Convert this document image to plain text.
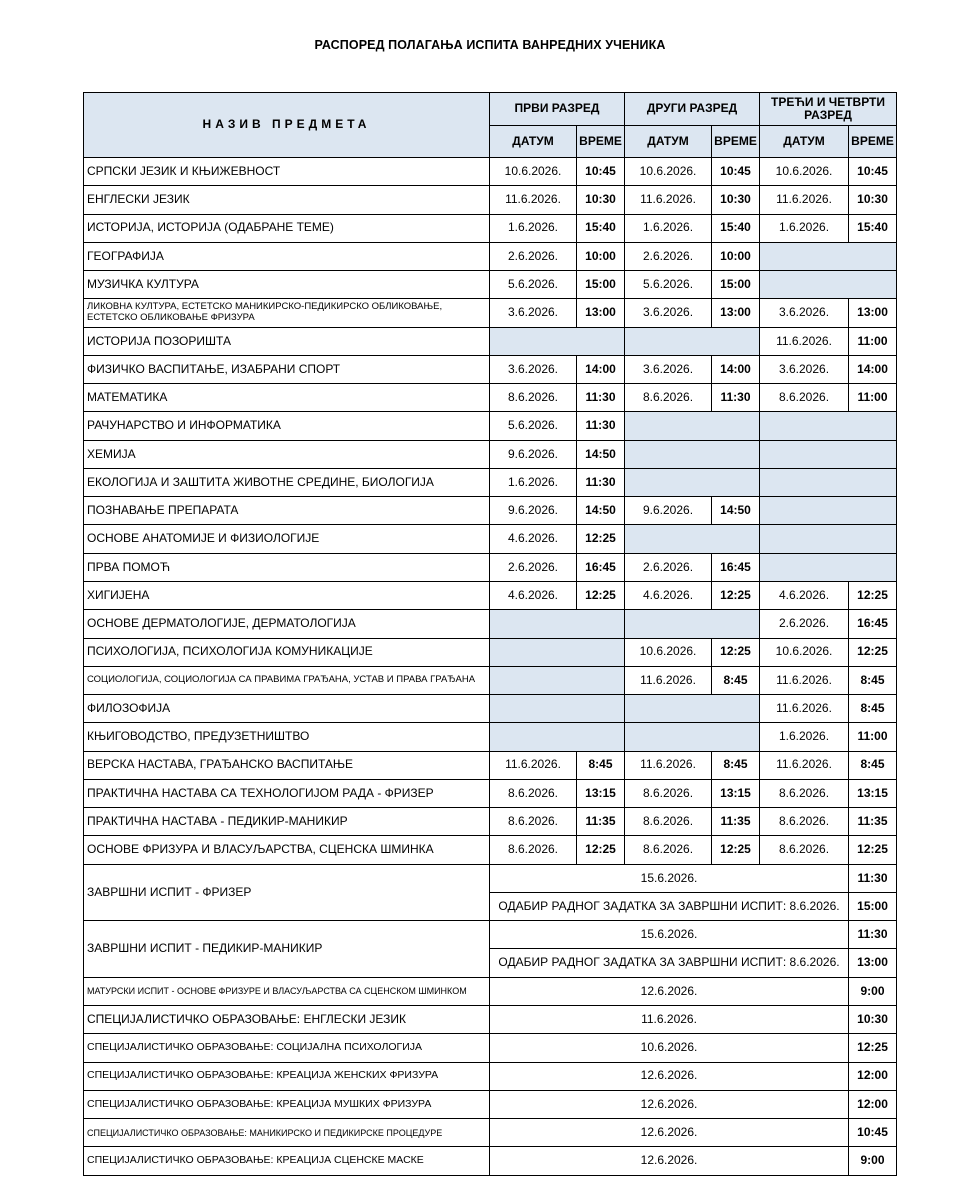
РАСПОРЕД ПОЛАГАЊА ИСПИТА ВАНРЕДНИХ УЧЕНИКА
НАЗИВ ПРЕДМЕТА	ПРВИ РАЗРЕД		ДРУГИ РАЗРЕД		ТРЕЋИ И ЧЕТВРТИ РАЗРЕД	
	ДАТУМ	ВРЕМЕ	ДАТУМ	ВРЕМЕ	ДАТУМ	ВРЕМЕ
СРПСКИ ЈЕЗИК И КЊИЖЕВНОСТ	10.6.2026.	10:45	10.6.2026.	10:45	10.6.2026.	10:45
ЕНГЛЕСКИ ЈЕЗИК	11.6.2026.	10:30	11.6.2026.	10:30	11.6.2026.	10:30
ИСТОРИЈА, ИСТОРИЈА (ОДАБРАНЕ ТЕМЕ)	1.6.2026.	15:40	1.6.2026.	15:40	1.6.2026.	15:40
ГЕОГРАФИЈА	2.6.2026.	10:00	2.6.2026.	10:00		
МУЗИЧКА КУЛТУРА	5.6.2026.	15:00	5.6.2026.	15:00		
ЛИКОВНА КУЛТУРА, ЕСТЕТСКО МАНИКИРСКО-ПЕДИКИРСКО ОБЛИКОВАЊЕ, ЕСТЕТСКО ОБЛИКОВАЊЕ ФРИЗУРА	3.6.2026.	13:00	3.6.2026.	13:00	3.6.2026.	13:00
ИСТОРИЈА ПОЗОРИШТА					11.6.2026.	11:00
ФИЗИЧКО ВАСПИТАЊЕ, ИЗАБРАНИ СПОРТ	3.6.2026.	14:00	3.6.2026.	14:00	3.6.2026.	14:00
МАТЕМАТИКА	8.6.2026.	11:30	8.6.2026.	11:30	8.6.2026.	11:00
РАЧУНАРСТВО И ИНФОРМАТИКА	5.6.2026.	11:30				
ХЕМИЈА	9.6.2026.	14:50				
ЕКОЛОГИЈА И ЗАШТИТА ЖИВОТНЕ СРЕДИНЕ, БИОЛОГИЈА	1.6.2026.	11:30				
ПОЗНАВАЊЕ ПРЕПАРАТА	9.6.2026.	14:50	9.6.2026.	14:50		
ОСНОВЕ АНАТОМИЈЕ И ФИЗИОЛОГИЈЕ	4.6.2026.	12:25				
ПРВА ПОМОЋ	2.6.2026.	16:45	2.6.2026.	16:45		
ХИГИЈЕНА	4.6.2026.	12:25	4.6.2026.	12:25	4.6.2026.	12:25
ОСНОВЕ ДЕРМАТОЛОГИЈЕ, ДЕРМАТОЛОГИЈА					2.6.2026.	16:45
ПСИХОЛОГИЈА, ПСИХОЛОГИЈА КОМУНИКАЦИЈЕ			10.6.2026.	12:25	10.6.2026.	12:25
СОЦИОЛОГИЈА, СОЦИОЛОГИЈА СА ПРАВИМА ГРАЂАНА, УСТАВ И ПРАВА ГРАЂАНА			11.6.2026.	8:45	11.6.2026.	8:45
ФИЛОЗОФИЈА					11.6.2026.	8:45
КЊИГОВОДСТВО, ПРЕДУЗЕТНИШТВО					1.6.2026.	11:00
ВЕРСКА НАСТАВА, ГРАЂАНСКО ВАСПИТАЊЕ	11.6.2026.	8:45	11.6.2026.	8:45	11.6.2026.	8:45
ПРАКТИЧНА НАСТАВА СА ТЕХНОЛОГИЈОМ РАДА - ФРИЗЕР	8.6.2026.	13:15	8.6.2026.	13:15	8.6.2026.	13:15
ПРАКТИЧНА НАСТАВА - ПЕДИКИР-МАНИКИР	8.6.2026.	11:35	8.6.2026.	11:35	8.6.2026.	11:35
ОСНОВЕ ФРИЗУРА И ВЛАСУЉАРСТВА, СЦЕНСКА ШМИНКА	8.6.2026.	12:25	8.6.2026.	12:25	8.6.2026.	12:25
ЗАВРШНИ ИСПИТ - ФРИЗЕР	15.6.2026.					11:30
	ОДАБИР РАДНОГ ЗАДАТКА ЗА ЗАВРШНИ ИСПИТ: 8.6.2026.					15:00
ЗАВРШНИ ИСПИТ - ПЕДИКИР-МАНИКИР	15.6.2026.					11:30
	ОДАБИР РАДНОГ ЗАДАТКА ЗА ЗАВРШНИ ИСПИТ: 8.6.2026.					13:00
МАТУРСКИ ИСПИТ - ОСНОВЕ ФРИЗУРЕ И ВЛАСУЉАРСТВА СА СЦЕНСКОМ ШМИНКОМ	12.6.2026.					9:00
СПЕЦИЈАЛИСТИЧКО ОБРАЗОВАЊЕ: ЕНГЛЕСКИ ЈЕЗИК	11.6.2026.					10:30
СПЕЦИЈАЛИСТИЧКО ОБРАЗОВАЊЕ: СОЦИЈАЛНА ПСИХОЛОГИЈА	10.6.2026.					12:25
СПЕЦИЈАЛИСТИЧКО ОБРАЗОВАЊЕ: КРЕАЦИЈА ЖЕНСКИХ ФРИЗУРА	12.6.2026.					12:00
СПЕЦИЈАЛИСТИЧКО ОБРАЗОВАЊЕ: КРЕАЦИЈА МУШКИХ ФРИЗУРА	12.6.2026.					12:00
СПЕЦИЈАЛИСТИЧКО ОБРАЗОВАЊЕ: МАНИКИРСКО И ПЕДИКИРСКЕ ПРОЦЕДУРЕ	12.6.2026.					10:45
СПЕЦИЈАЛИСТИЧКО ОБРАЗОВАЊЕ: КРЕАЦИЈА СЦЕНСКЕ МАСКЕ	12.6.2026.					9:00
